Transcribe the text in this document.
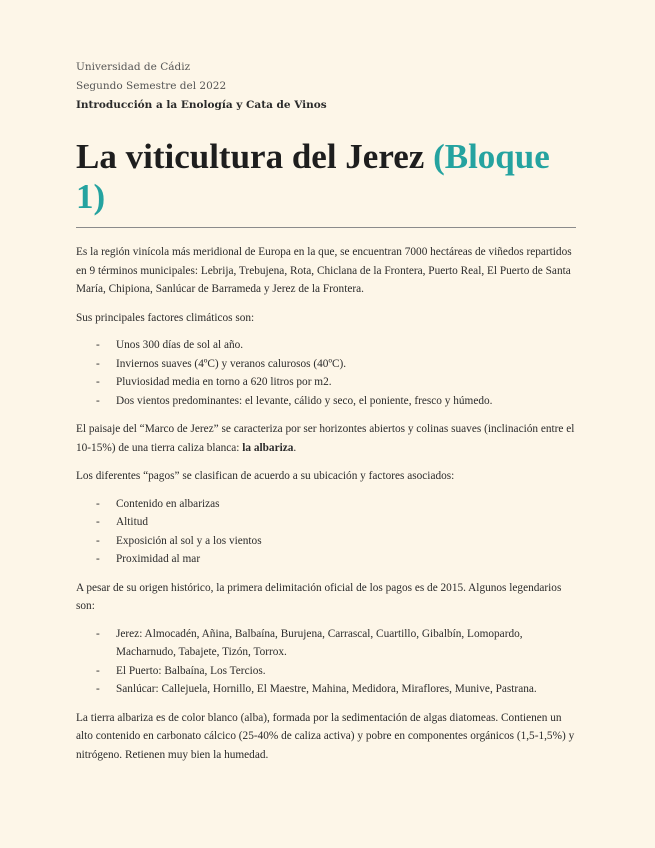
Universidad de Cádiz
Segundo Semestre del 2022
Introducción a la Enología y Cata de Vinos
La viticultura del Jerez (Bloque 1)

Es la región vinícola más meridional de Europa en la que, se encuentran 7000 hectáreas de viñedos repartidos en 9 términos municipales: Lebrija, Trebujena, Rota, Chiclana de la Frontera, Puerto Real, El Puerto de Santa María, Chipiona, Sanlúcar de Barrameda y Jerez de la Frontera.

Sus principales factores climáticos son:

- Unos 300 días de sol al año.
- Inviernos suaves (4ºC) y veranos calurosos (40ºC).
- Pluviosidad media en torno a 620 litros por m2.
- Dos vientos predominantes: el levante, cálido y seco, el poniente, fresco y húmedo.

El paisaje del “Marco de Jerez” se caracteriza por ser horizontes abiertos y colinas suaves (inclinación entre el 10-15%) de una tierra caliza blanca: la albariza.

Los diferentes “pagos” se clasifican de acuerdo a su ubicación y factores asociados:

- Contenido en albarizas
- Altitud
- Exposición al sol y a los vientos
- Proximidad al mar

A pesar de su origen histórico, la primera delimitación oficial de los pagos es de 2015. Algunos legendarios son:

- Jerez: Almocadén, Añina, Balbaína, Burujena, Carrascal, Cuartillo, Gibalbín, Lomopardo, Macharnudo, Tabajete, Tizón, Torrox.
- El Puerto: Balbaína, Los Tercios.
- Sanlúcar: Callejuela, Hornillo, El Maestre, Mahina, Medidora, Miraflores, Munive, Pastrana.

La tierra albariza es de color blanco (alba), formada por la sedimentación de algas diatomeas. Contienen un alto contenido en carbonato cálcico (25-40% de caliza activa) y pobre en componentes orgánicos (1,5-1,5%) y nitrógeno. Retienen muy bien la humedad.
